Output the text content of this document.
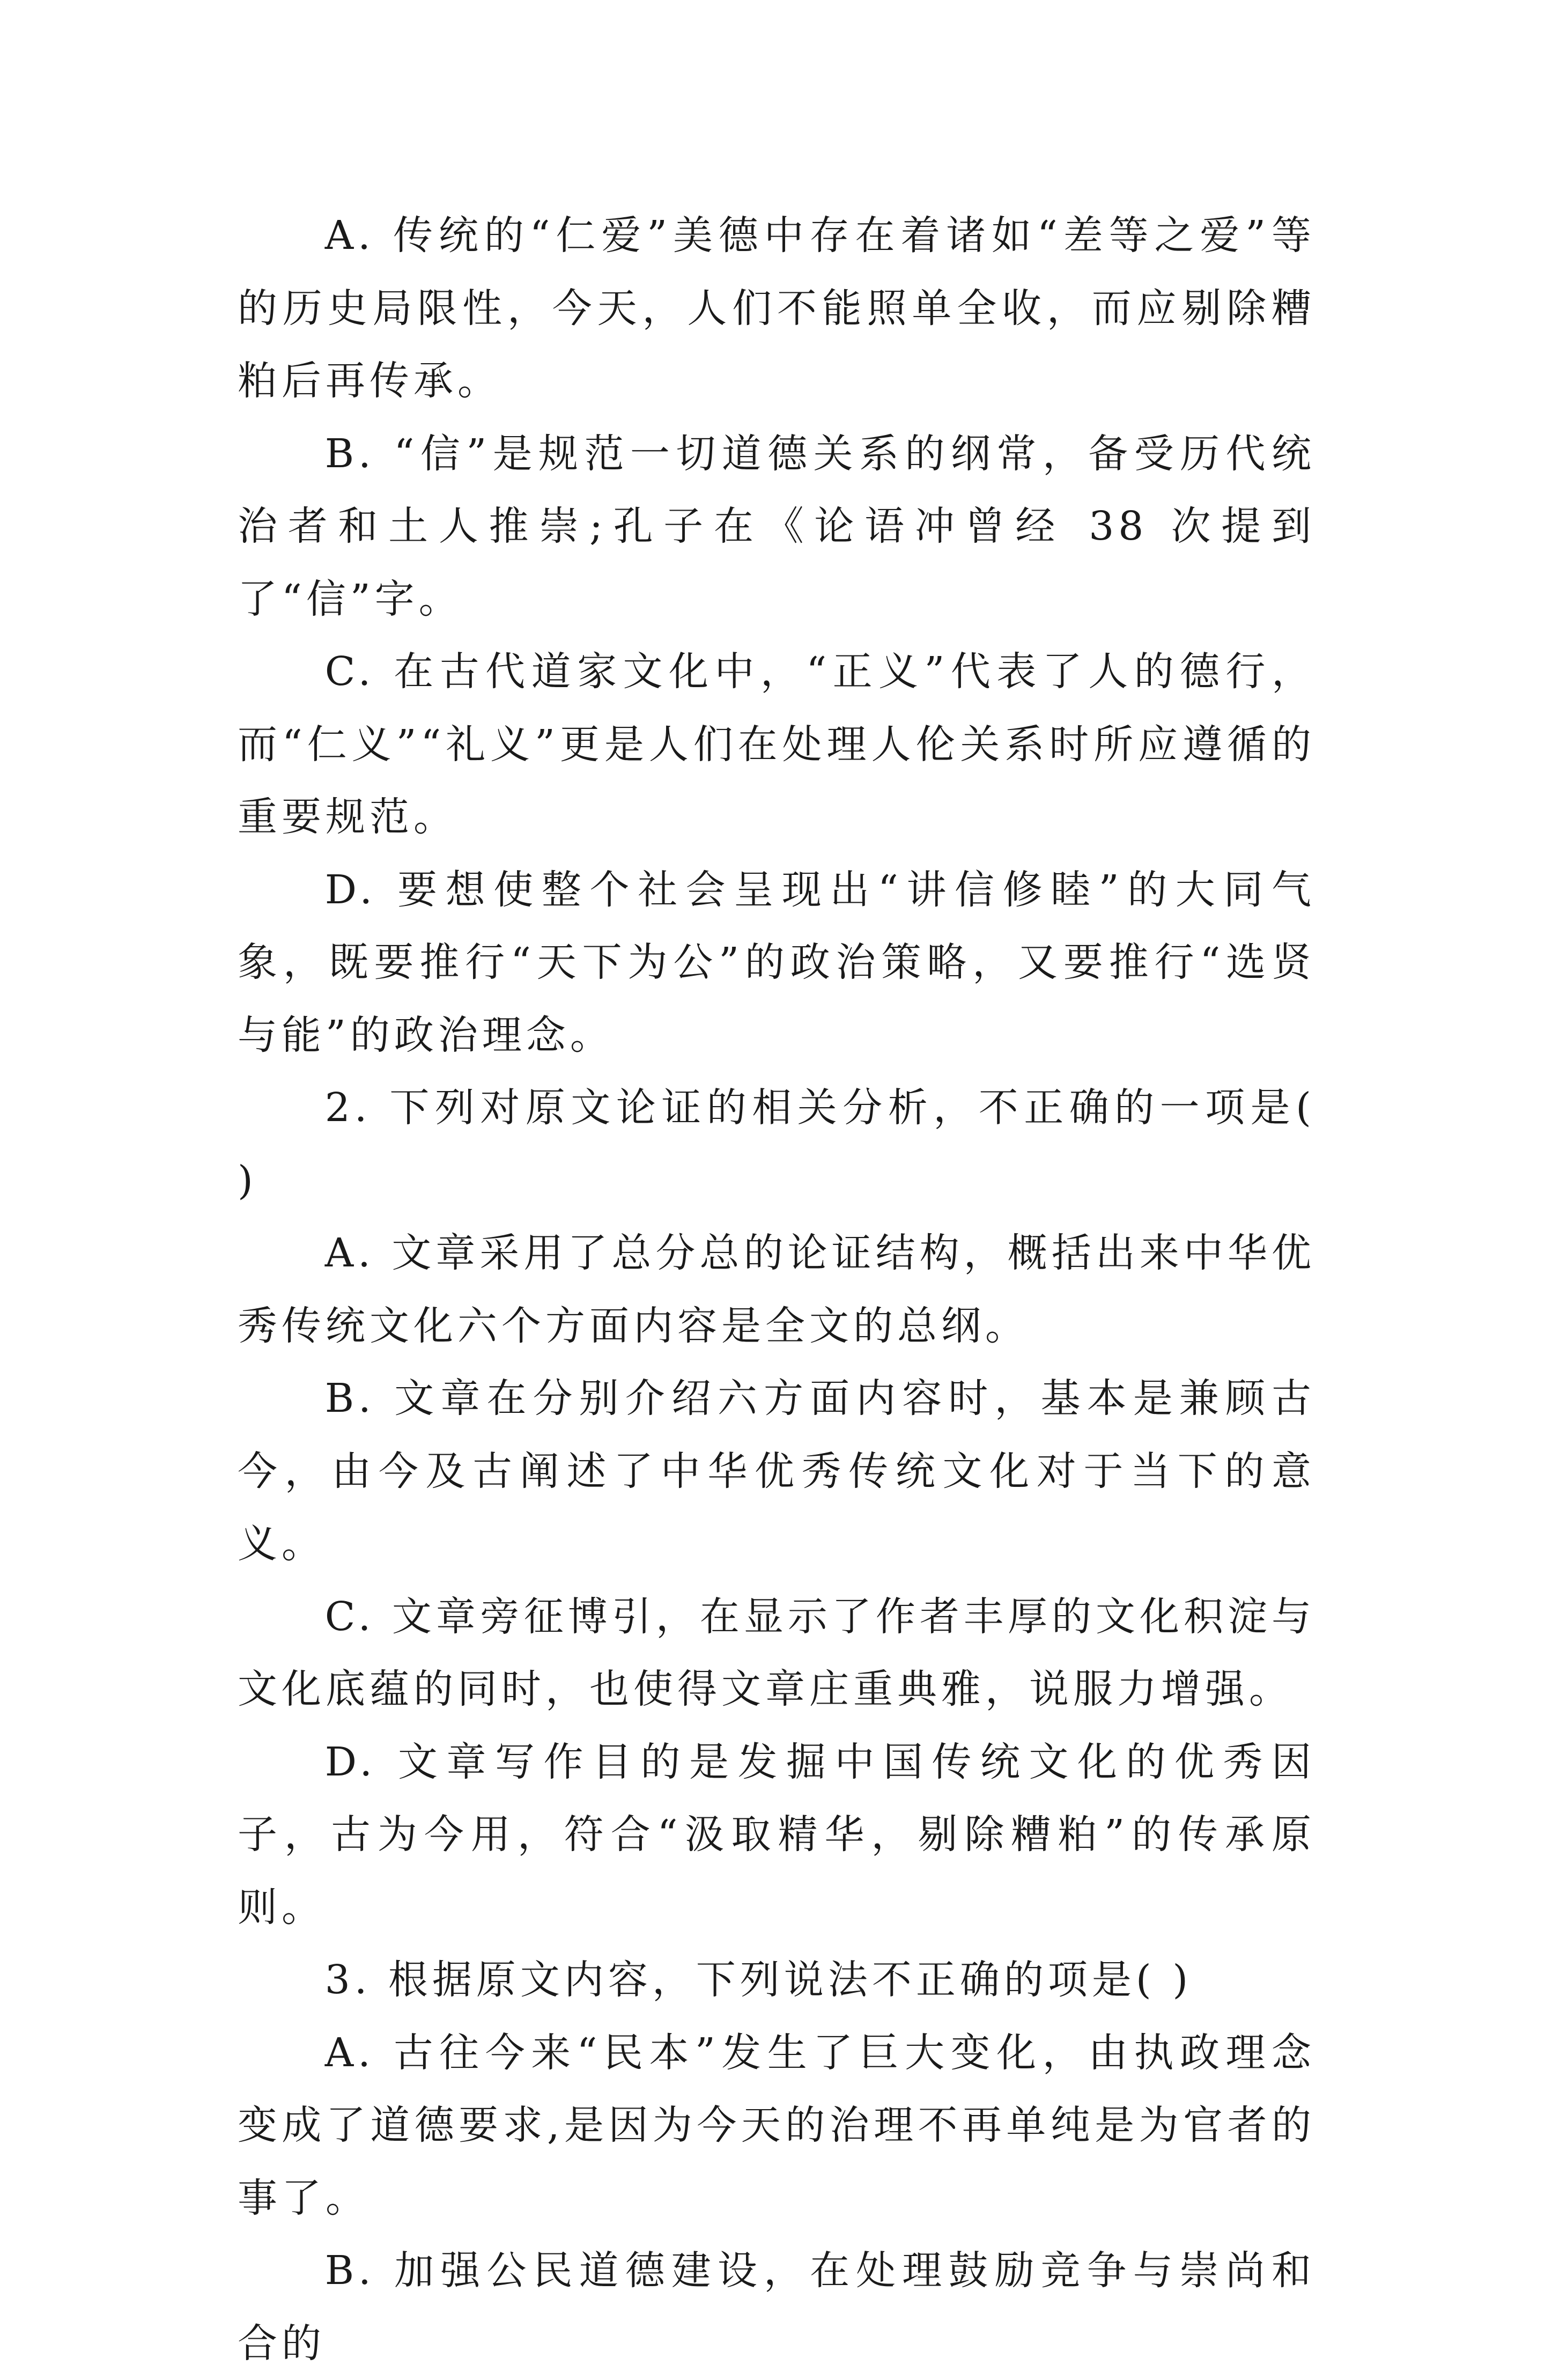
A. 传统的“仁爱”美德中存在着诸如“差等之爱”等的历史局限性，今天，人们不能照单全收，而应剔除糟粕后再传承。

B. “信”是规范一切道德关系的纲常，备受历代统治者和土人推崇;孔子在《论语冲曾经 38 次提到了“信”字。

C. 在古代道家文化中，“正义”代表了人的德行，而“仁义”“礼义”更是人们在处理人伦关系时所应遵循的重要规范。

D. 要想使整个社会呈现出“讲信修睦”的大同气象，既要推行“天下为公”的政治策略，又要推行“选贤与能”的政治理念。

2. 下列对原文论证的相关分析，不正确的一项是( )

A. 文章采用了总分总的论证结构，概括出来中华优秀传统文化六个方面内容是全文的总纲。

B. 文章在分别介绍六方面内容时，基本是兼顾古今，由今及古阐述了中华优秀传统文化对于当下的意义。

C. 文章旁征博引，在显示了作者丰厚的文化积淀与文化底蕴的同时，也使得文章庄重典雅，说服力增强。

D. 文章写作目的是发掘中国传统文化的优秀因子，古为今用，符合“汲取精华，剔除糟粕”的传承原则。

3. 根据原文内容，下列说法不正确的项是( )

A. 古往今来“民本”发生了巨大变化，由执政理念变成了道德要求,是因为今天的治理不再单纯是为官者的事了。

B. 加强公民道德建设，在处理鼓励竞争与崇尚和合的
